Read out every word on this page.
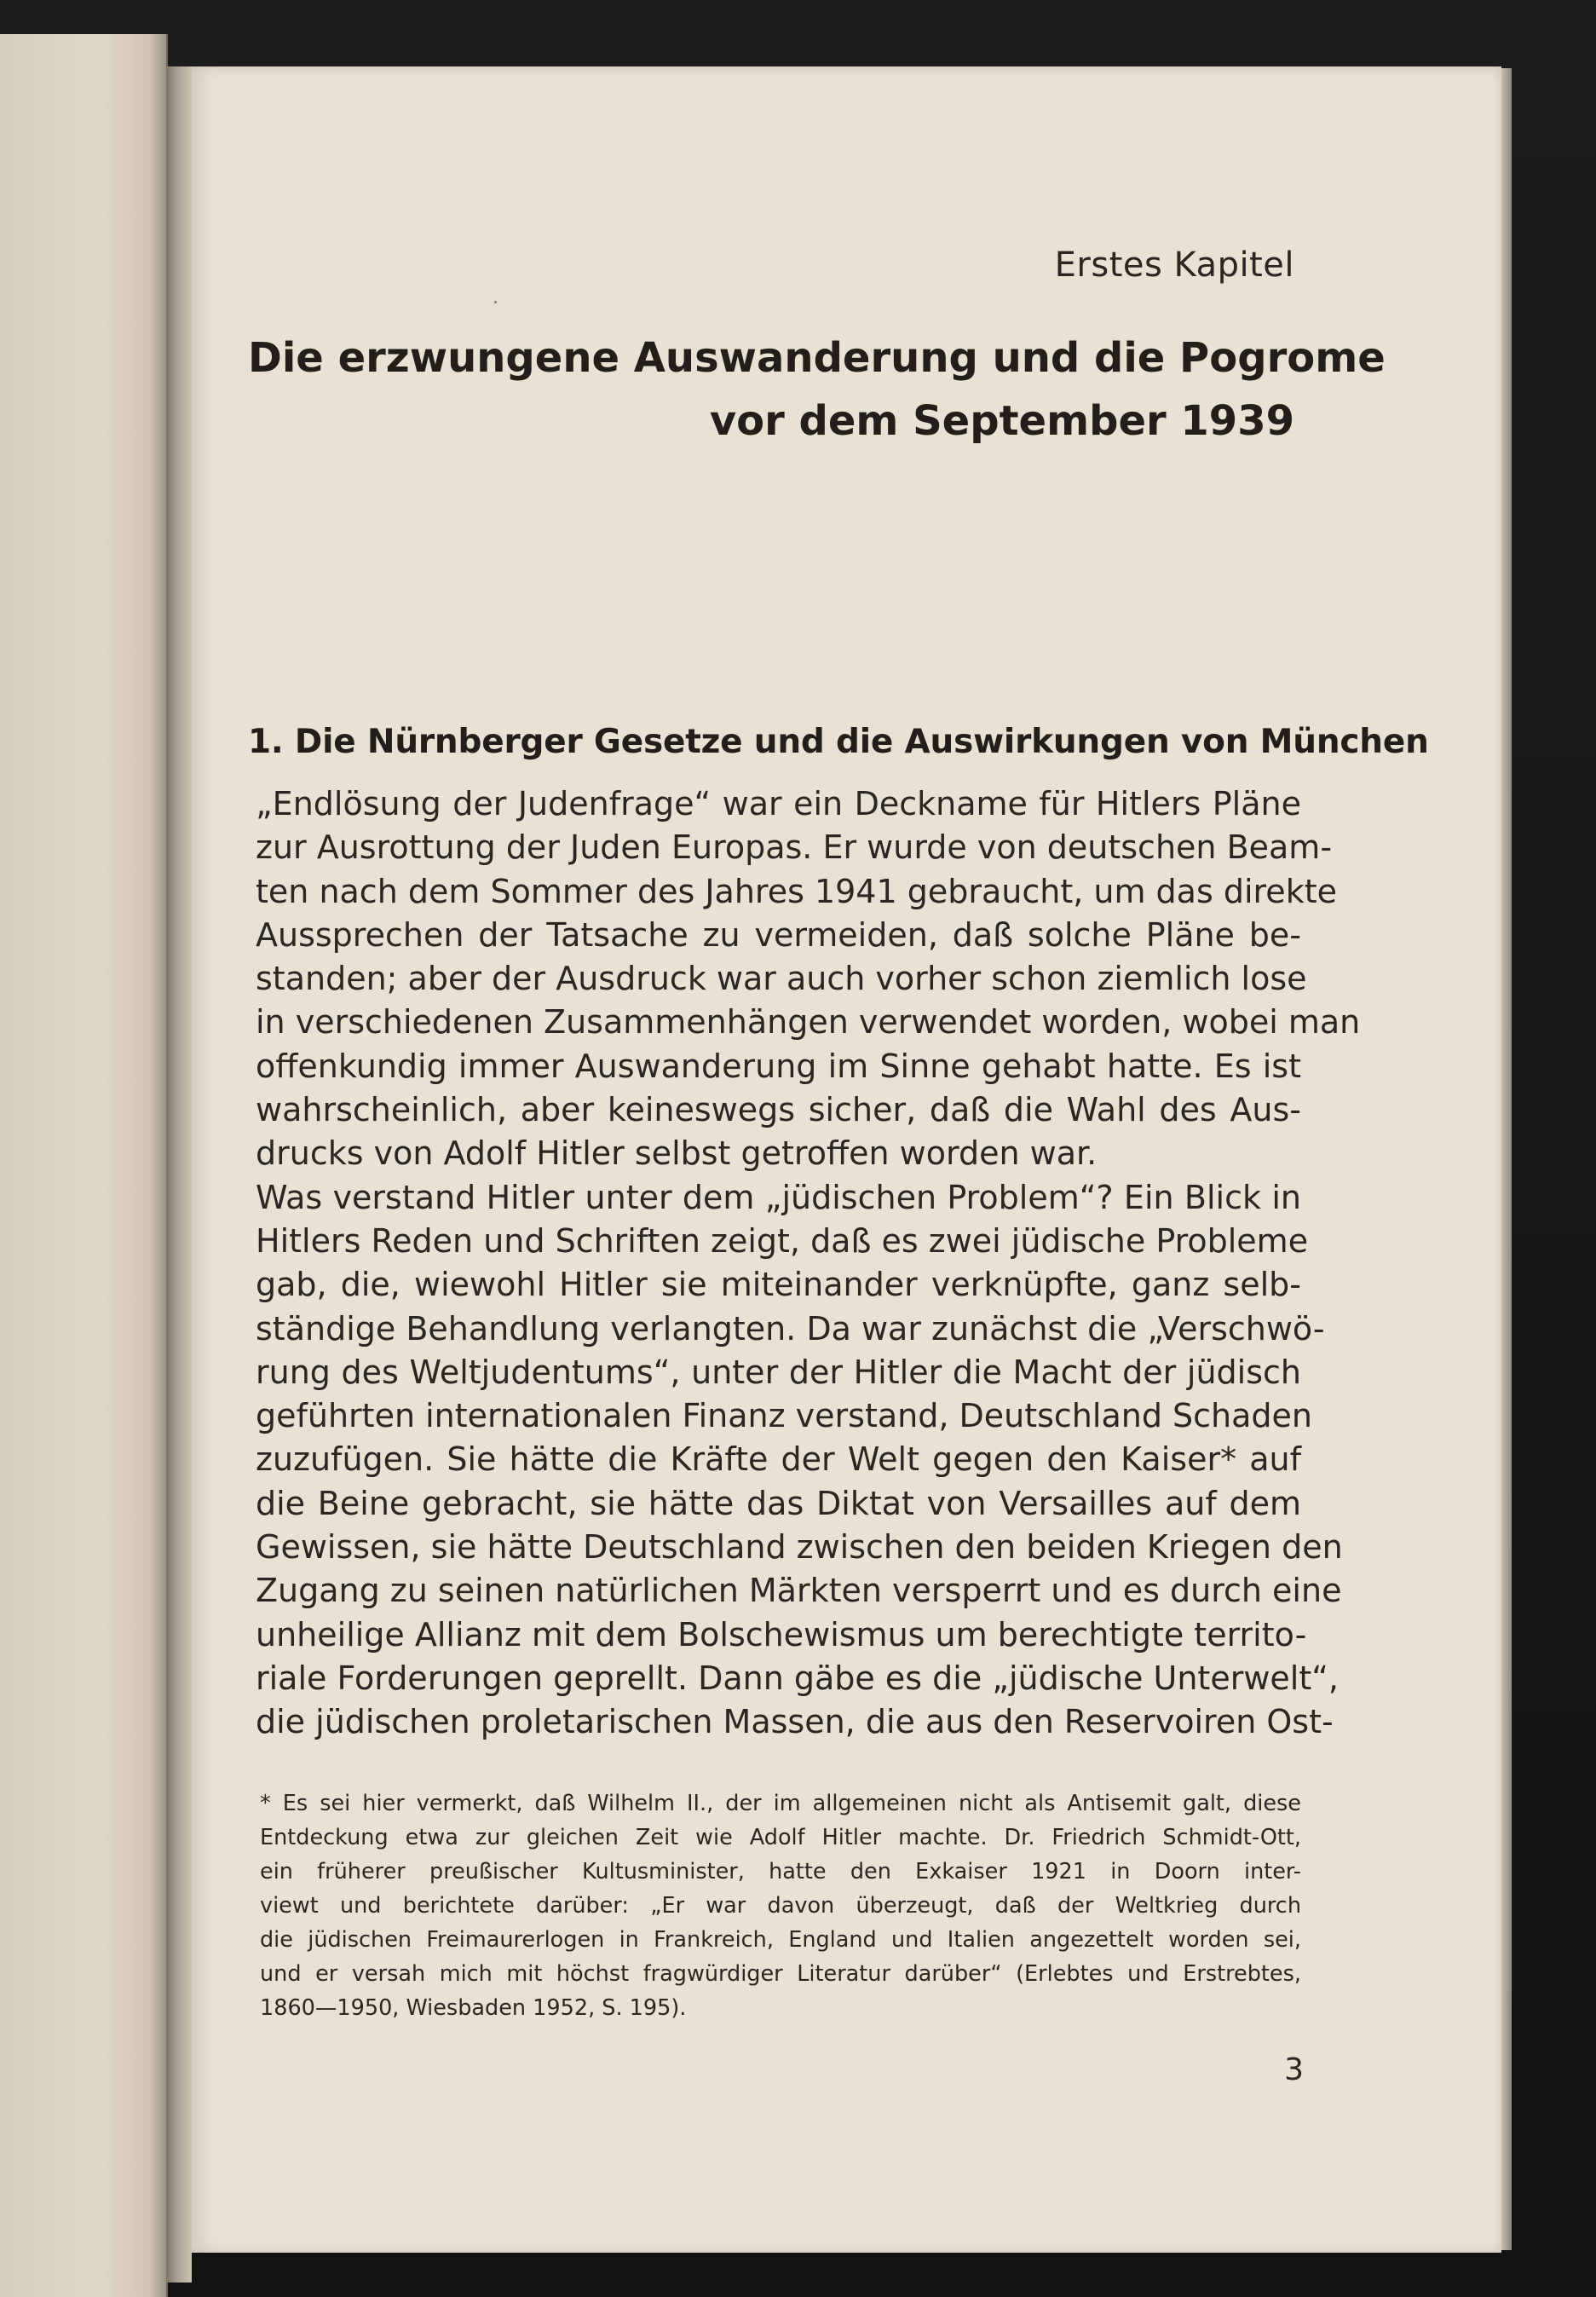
Erstes Kapitel
Die erzwungene Auswanderung und die Pogrome
vor dem September 1939
1. Die Nürnberger Gesetze und die Auswirkungen von München
„Endlösung der Judenfrage“ war ein Deckname für Hitlers Pläne
zur Ausrottung der Juden Europas. Er wurde von deutschen Beam-
ten nach dem Sommer des Jahres 1941 gebraucht, um das direkte
Aussprechen der Tatsache zu vermeiden, daß solche Pläne be-
standen; aber der Ausdruck war auch vorher schon ziemlich lose
in verschiedenen Zusammenhängen verwendet worden, wobei man
offenkundig immer Auswanderung im Sinne gehabt hatte. Es ist
wahrscheinlich, aber keineswegs sicher, daß die Wahl des Aus-
drucks von Adolf Hitler selbst getroffen worden war.
Was verstand Hitler unter dem „jüdischen Problem“? Ein Blick in
Hitlers Reden und Schriften zeigt, daß es zwei jüdische Probleme
gab, die, wiewohl Hitler sie miteinander verknüpfte, ganz selb-
ständige Behandlung verlangten. Da war zunächst die „Verschwö-
rung des Weltjudentums“, unter der Hitler die Macht der jüdisch
geführten internationalen Finanz verstand, Deutschland Schaden
zuzufügen. Sie hätte die Kräfte der Welt gegen den Kaiser* auf
die Beine gebracht, sie hätte das Diktat von Versailles auf dem
Gewissen, sie hätte Deutschland zwischen den beiden Kriegen den
Zugang zu seinen natürlichen Märkten versperrt und es durch eine
unheilige Allianz mit dem Bolschewismus um berechtigte territo-
riale Forderungen geprellt. Dann gäbe es die „jüdische Unterwelt“,
die jüdischen proletarischen Massen, die aus den Reservoiren Ost-
* Es sei hier vermerkt, daß Wilhelm II., der im allgemeinen nicht als Antisemit galt, diese
Entdeckung etwa zur gleichen Zeit wie Adolf Hitler machte. Dr. Friedrich Schmidt-Ott,
ein früherer preußischer Kultusminister, hatte den Exkaiser 1921 in Doorn inter-
viewt und berichtete darüber: „Er war davon überzeugt, daß der Weltkrieg durch
die jüdischen Freimaurerlogen in Frankreich, England und Italien angezettelt worden sei,
und er versah mich mit höchst fragwürdiger Literatur darüber“ (Erlebtes und Erstrebtes,
1860—1950, Wiesbaden 1952, S. 195).
3
